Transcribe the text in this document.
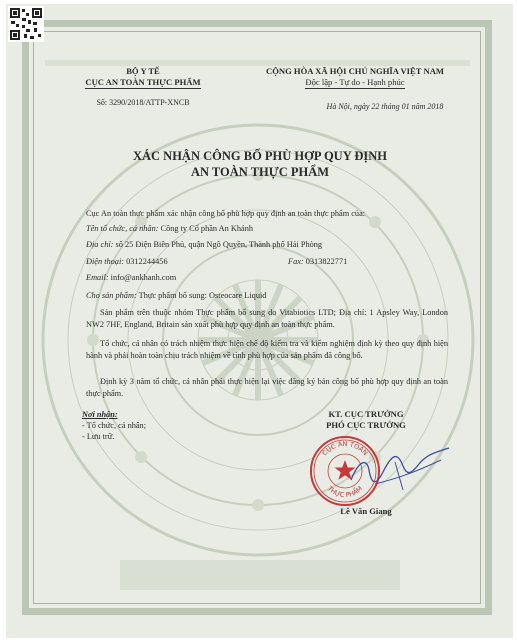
BỘ Y TẾ
CỤC AN TOÀN THỰC PHẨM
Số: 3290/2018/ATTP-XNCB
CỘNG HÒA XÃ HỘI CHỦ NGHĨA VIỆT NAM
Độc lập - Tự do - Hạnh phúc
Hà Nội, ngày 22 tháng 01 năm 2018
XÁC NHẬN CÔNG BỐ PHÙ HỢP QUY ĐỊNH
AN TOÀN THỰC PHẨM
Cục An toàn thực phẩm xác nhận công bố phù hợp quy định an toàn thực phẩm của:
Tên tổ chức, cá nhân: Công ty Cổ phần An Khánh
Địa chỉ: số 25 Điện Biên Phủ, quận Ngô Quyền, Thành phố Hải Phòng
Điện thoại: 0312244456	Fax: 0313822771
Email: info@ankhanh.com
Cho sản phẩm: Thực phẩm bổ sung: Osteocare Liquid
Sản phẩm trên thuộc nhóm Thực phẩm bổ sung do Vitabiotics LTD; Địa chỉ: 1 Apsley Way, London NW2 7HF, England, Britain sản xuất phù hợp quy định an toàn thực phẩm.
Tổ chức, cá nhân có trách nhiệm thực hiện chế độ kiểm tra và kiểm nghiệm định kỳ theo quy định hiện hành và phải hoàn toàn chịu trách nhiệm về tính phù hợp của sản phẩm đã công bố.
Định kỳ 3 năm tổ chức, cá nhân phải thực hiện lại việc đăng ký bản công bố phù hợp quy định an toàn thực phẩm.
Nơi nhận:
- Tổ chức, cá nhân;
- Lưu trữ.
KT. CỤC TRƯỞNG
PHÓ CỤC TRƯỞNG
CỤC AN TOÀN
THỰC PHẨM
Lê Văn Giang
